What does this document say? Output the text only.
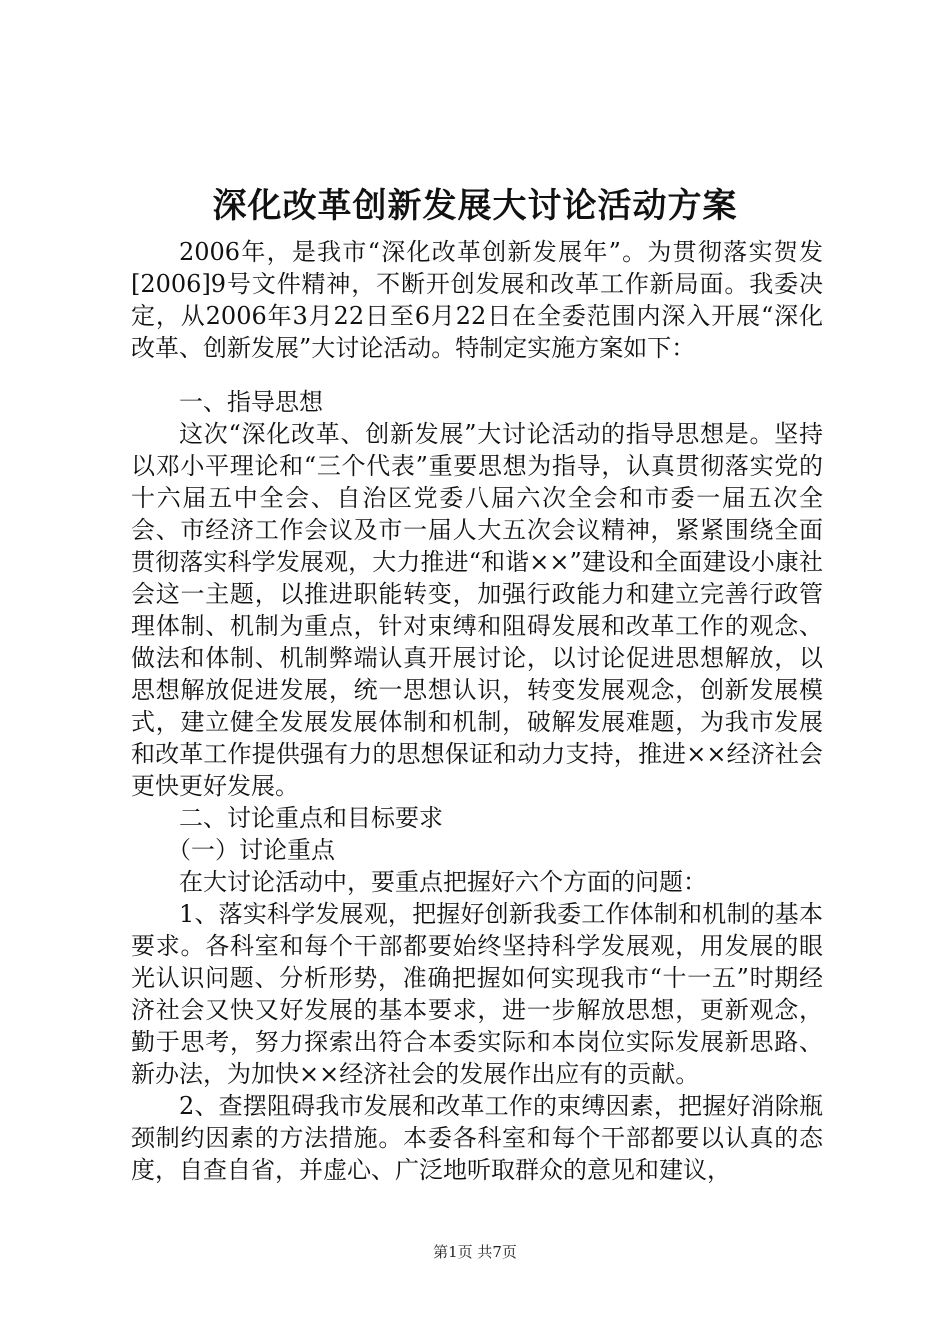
深化改革创新发展大讨论活动方案

2006年，是我市“深化改革创新发展年”。为贯彻落实贺发[2006]9号文件精神，不断开创发展和改革工作新局面。我委决定，从2006年3月22日至6月22日在全委范围内深入开展“深化改革、创新发展”大讨论活动。特制定实施方案如下：

一、指导思想

这次“深化改革、创新发展”大讨论活动的指导思想是。坚持以邓小平理论和“三个代表”重要思想为指导，认真贯彻落实党的十六届五中全会、自治区党委八届六次全会和市委一届五次全会、市经济工作会议及市一届人大五次会议精神，紧紧围绕全面贯彻落实科学发展观，大力推进“和谐××”建设和全面建设小康社会这一主题，以推进职能转变，加强行政能力和建立完善行政管理体制、机制为重点，针对束缚和阻碍发展和改革工作的观念、做法和体制、机制弊端认真开展讨论，以讨论促进思想解放，以思想解放促进发展，统一思想认识，转变发展观念，创新发展模式，建立健全发展发展体制和机制，破解发展难题，为我市发展和改革工作提供强有力的思想保证和动力支持，推进××经济社会更快更好发展。

二、讨论重点和目标要求

（一）讨论重点

在大讨论活动中，要重点把握好六个方面的问题：

1、落实科学发展观，把握好创新我委工作体制和机制的基本要求。各科室和每个干部都要始终坚持科学发展观，用发展的眼光认识问题、分析形势，准确把握如何实现我市“十一五”时期经济社会又快又好发展的基本要求，进一步解放思想，更新观念，勤于思考，努力探索出符合本委实际和本岗位实际发展新思路、新办法，为加快××经济社会的发展作出应有的贡献。

2、查摆阻碍我市发展和改革工作的束缚因素，把握好消除瓶颈制约因素的方法措施。本委各科室和每个干部都要以认真的态度，自查自省，并虚心、广泛地听取群众的意见和建议，

第1页 共7页
